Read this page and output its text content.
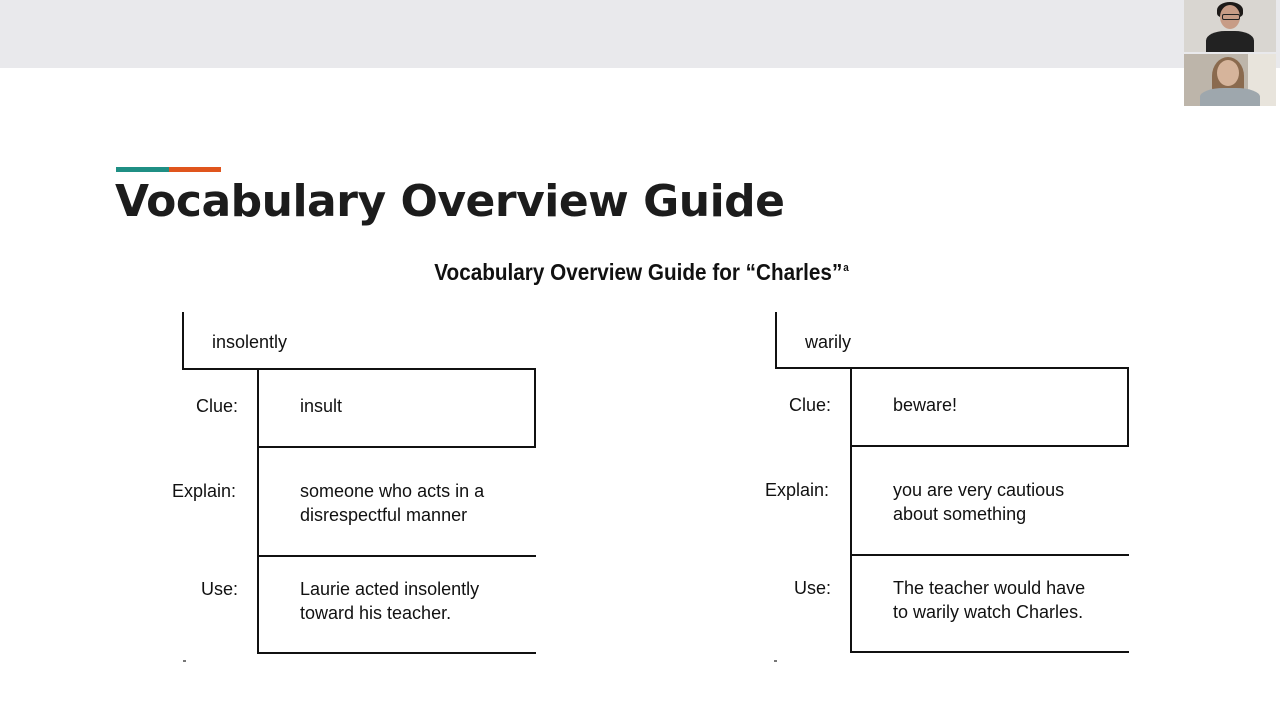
Vocabulary Overview Guide
Vocabulary Overview Guide for “Charles”$^a$
insolently
Clue:	insult
Explain:	someone who acts in a
disrespectful manner
Use:	Laurie acted insolently
toward his teacher.
warily
Clue:	beware!
Explain:	you are very cautious
about something
Use:	The teacher would have
to warily watch Charles.
